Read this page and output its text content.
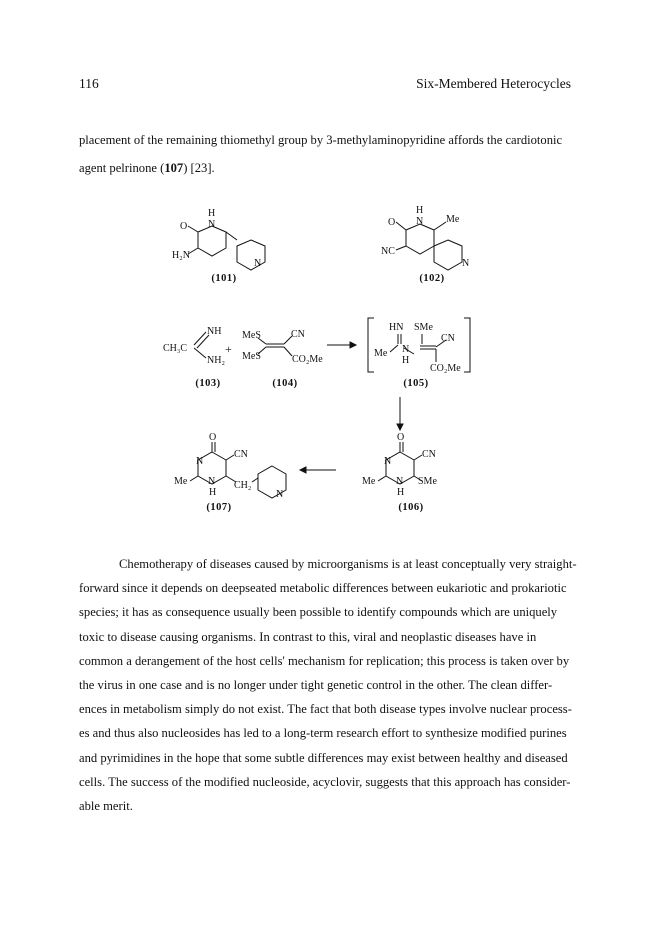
116	Six-Membered Heterocycles

placement of the remaining thiomethyl group by 3-methylaminopyridine affords the cardiotonic
agent pelrinone (107) [23].

H
N
O
H₂N
N
H
N
O	Me
NC
N
NH
CH₃C
NH₂
+
MeS	CN
MeS	CO₂Me
HN SMe
Me N
H
CN
CO₂Me
O
N
CN
Me N
H
SMe
O
N
CN
Me N
H
CH₂
N
(101)	(102)
(103)	(104)	(105)
(106)
(107)
Chemotherapy of diseases caused by microorganisms is at least conceptually very straight-
forward since it depends on deepseated metabolic differences between eukariotic and prokariotic
species; it has as consequence usually been possible to identify compounds which are uniquely
toxic to disease causing organisms. In contrast to this, viral and neoplastic diseases have in
common a derangement of the host cells' mechanism for replication; this process is taken over by
the virus in one case and is no longer under tight genetic control in the other. The clean differ-
ences in metabolism simply do not exist. The fact that both disease types involve nuclear process-
es and thus also nucleosides has led to a long-term research effort to synthesize modified purines
and pyrimidines in the hope that some subtle differences may exist between healthy and diseased
cells. The success of the modified nucleoside, acyclovir, suggests that this approach has consider-
able merit.
